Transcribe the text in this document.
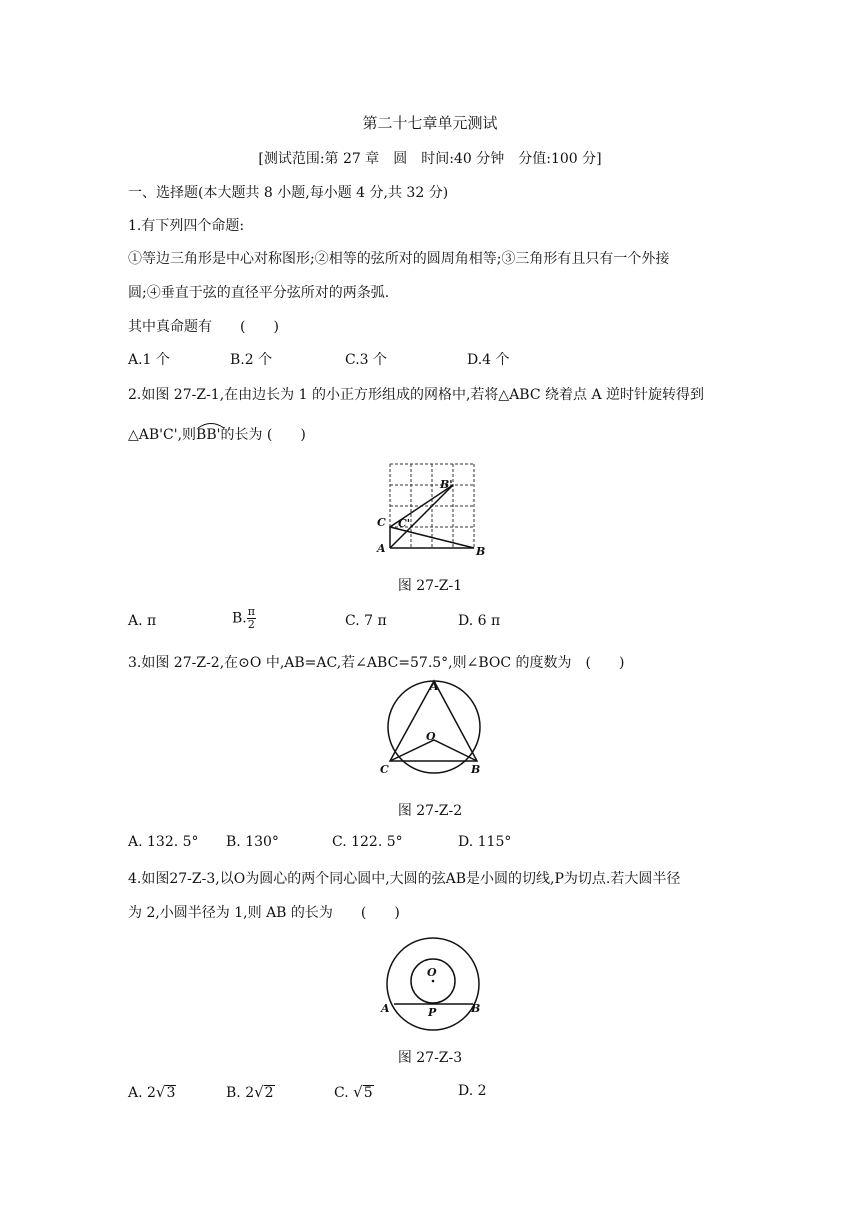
第二十七章单元测试
[测试范围:第 27 章　圆　时间:40 分钟　分值:100 分]
一、选择题(本大题共 8 小题,每小题 4 分,共 32 分)
1.有下列四个命题:
①等边三角形是中心对称图形;②相等的弦所对的圆周角相等;③三角形有且只有一个外接
圆;④垂直于弦的直径平分弦所对的两条弧.
其中真命题有　　(　　)
A.1 个	B.2 个	C.3 个	D.4 个
2.如图 27-Z-1,在由边长为 1 的小正方形组成的网格中,若将△ABC 绕着点 A 逆时针旋转得到
△AB'C',则
BB'的长为 (　　)
A	B
C
B'
C'
图 27-Z-1
A. π	B. $\frac{\pi}{2}$	C. 7 π	D. 6 π
3.如图 27-Z-2,在⊙O 中,AB=AC,若∠ABC=57.5°,则∠BOC 的度数为　(　　)
A
C	B
O
图 27-Z-2
A. 132. 5° B. 130°	C. 122. 5°	D. 115°
4.如图27-Z-3,以O为圆心的两个同心圆中,大圆的弦AB是小圆的切线,P为切点.若大圆半径
为 2,小圆半径为 1,则 AB 的长为　　(　　)
O
A	B
P
图 27-Z-3
A. 2√3	B. 2√2	C. √5	D. 2
